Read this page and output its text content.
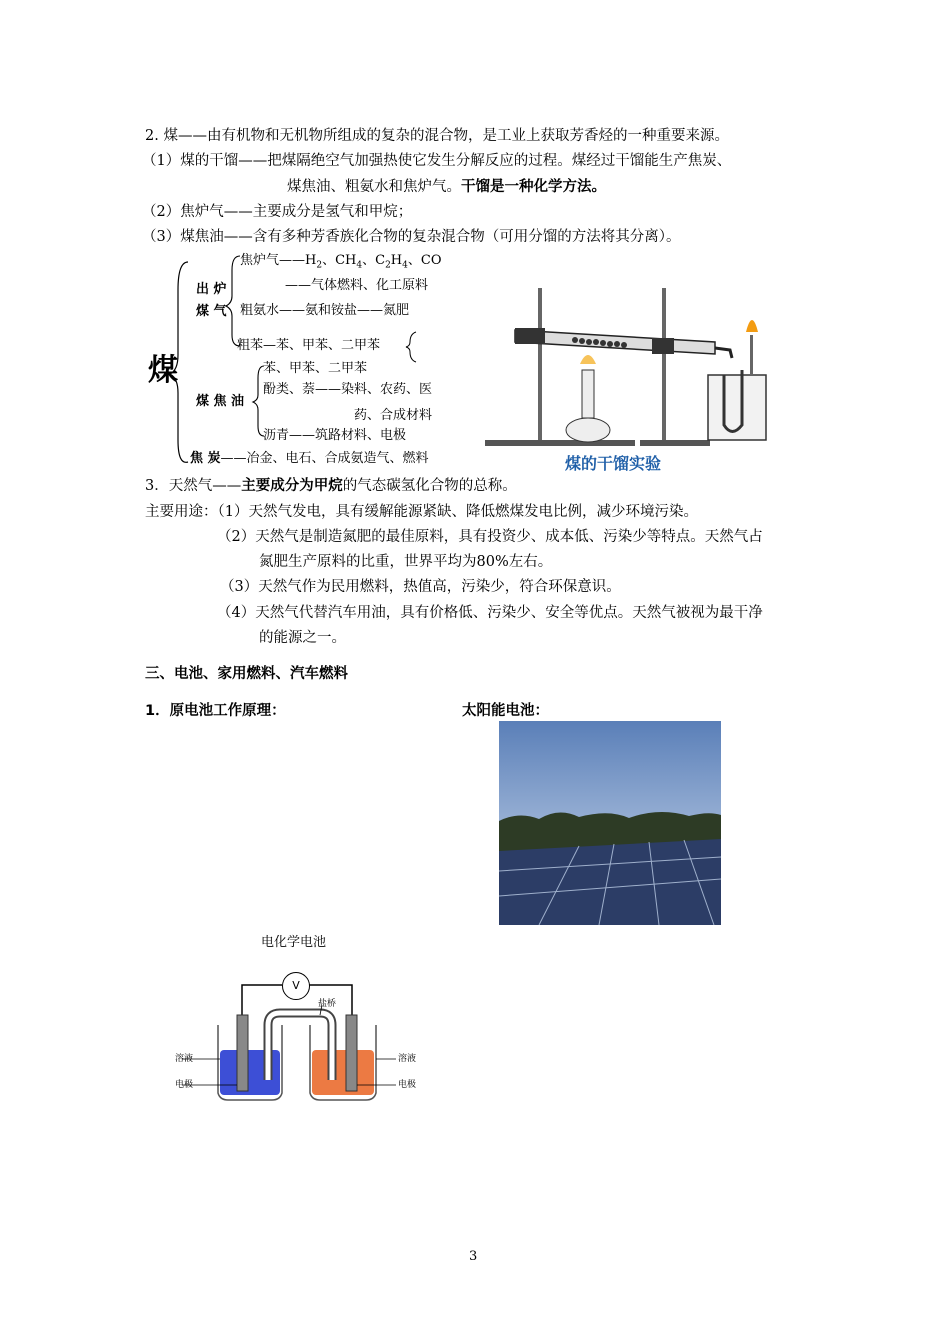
2. 煤——由有机物和无机物所组成的复杂的混合物，是工业上获取芳香烃的一种重要来源。
（1）煤的干馏——把煤隔绝空气加强热使它发生分解反应的过程。煤经过干馏能生产焦炭、
煤焦油、粗氨水和焦炉气。干馏是一种化学方法。
（2）焦炉气——主要成分是氢气和甲烷；
（3）煤焦油——含有多种芳香族化合物的复杂混合物（可用分馏的方法将其分离）。
煤
出 炉
煤 气
焦炉气$——H_2$、$CH_4$、$C_2H_4$、CO
——气体燃料、化工原料
粗氨水——氨和铵盐——氮肥
粗苯—苯、甲苯、二甲苯
煤 焦 油
苯、甲苯、二甲苯
酚类、萘——染料、农药、医
药、合成材料
沥青——筑路材料、电极
焦 炭——冶金、电石、合成氨造气、燃料	煤的干馏实验
3．天然气——主要成分为甲烷的气态碳氢化合物的总称。
主要用途：（1）天然气发电，具有缓解能源紧缺、降低燃煤发电比例，减少环境污染。
（2）天然气是制造氮肥的最佳原料，具有投资少、成本低、污染少等特点。天然气占
氮肥生产原料的比重，世界平均为80%左右。
（3）天然气作为民用燃料，热值高，污染少，符合环保意识。
（4）天然气代替汽车用油，具有价格低、污染少、安全等优点。天然气被视为最干净
的能源之一。
三、电池、家用燃料、汽车燃料
1．原电池工作原理：	太阳能电池：
电化学电池
V
盐桥
溶液
电极
溶液
电极
3
